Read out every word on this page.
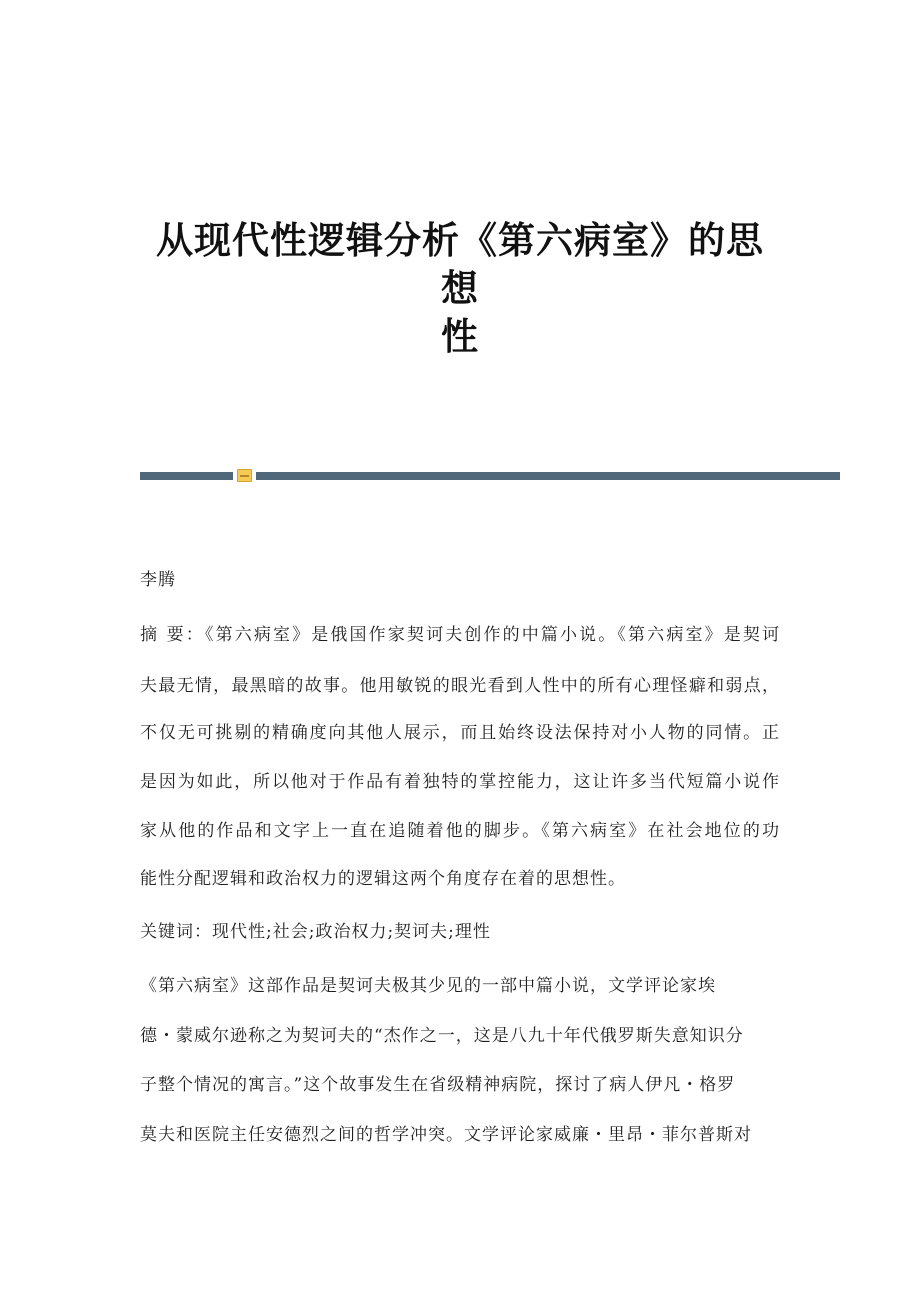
从现代性逻辑分析《第六病室》的思想
性
李腾
摘 要：《第六病室》是俄国作家契诃夫创作的中篇小说。《第六病室》是契诃
夫最无情，最黑暗的故事。他用敏锐的眼光看到人性中的所有心理怪癖和弱点，
不仅无可挑剔的精确度向其他人展示，而且始终设法保持对小人物的同情。正
是因为如此，所以他对于作品有着独特的掌控能力，这让许多当代短篇小说作
家从他的作品和文字上一直在追随着他的脚步。《第六病室》在社会地位的功
能性分配逻辑和政治权力的逻辑这两个角度存在着的思想性。
关键词：现代性;社会;政治权力;契诃夫;理性
《第六病室》这部作品是契诃夫极其少见的一部中篇小说，文学评论家埃
德・蒙威尔逊称之为契诃夫的“杰作之一，这是八九十年代俄罗斯失意知识分
子整个情况的寓言。”这个故事发生在省级精神病院，探讨了病人伊凡・格罗
莫夫和医院主任安德烈之间的哲学冲突。文学评论家威廉・里昂・菲尔普斯对
